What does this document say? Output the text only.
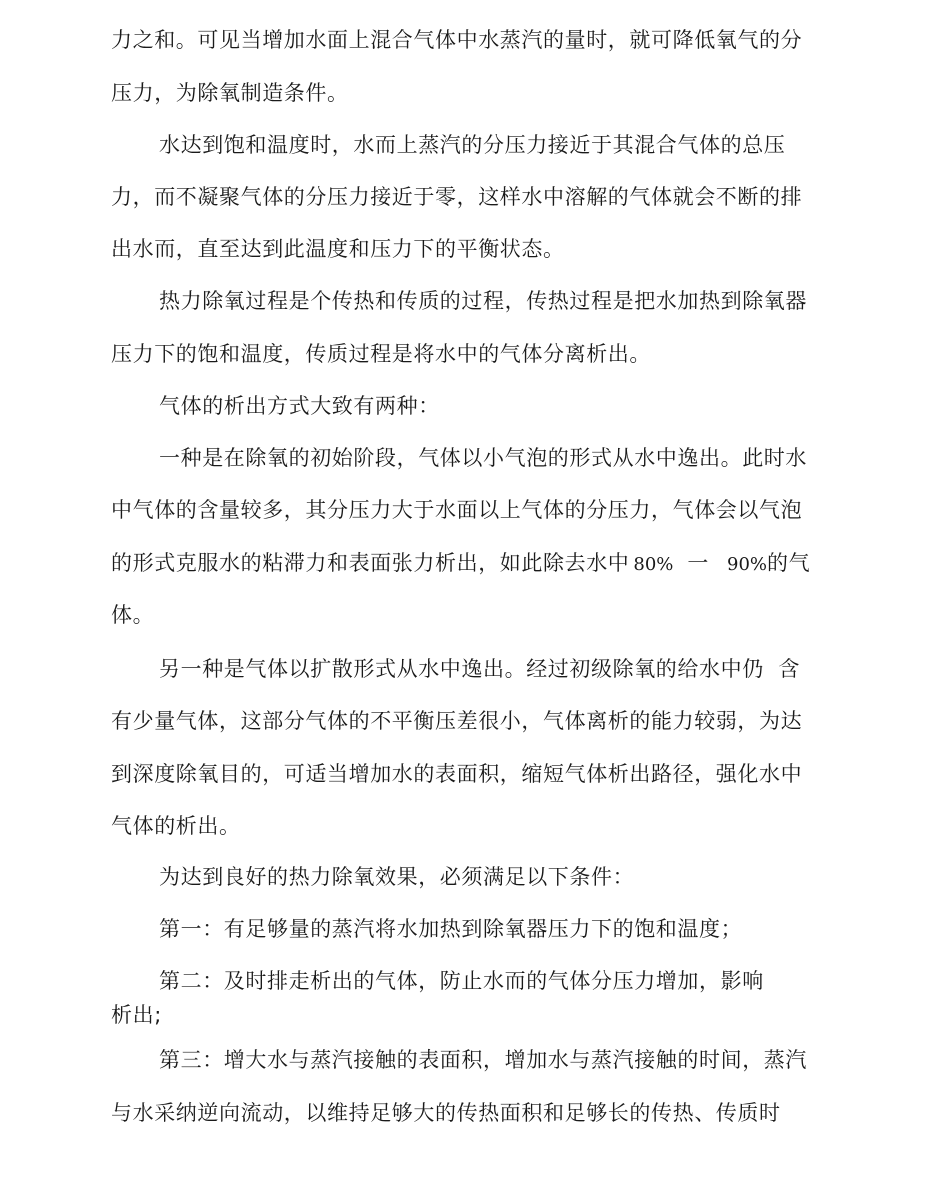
力之和。可见当增加水面上混合气体中水蒸汽的量时，就可降低氧气的分
压力，为除氧制造条件。
水达到饱和温度时，水而上蒸汽的分压力接近于其混合气体的总压
力，而不凝聚气体的分压力接近于零，这样水中溶解的气体就会不断的排
出水而，直至达到此温度和压力下的平衡状态。
热力除氧过程是个传热和传质的过程，传热过程是把水加热到除氧器
压力下的饱和温度，传质过程是将水中的气体分离析出。
气体的析出方式大致有两种：
一种是在除氧的初始阶段，气体以小气泡的形式从水中逸出。此时水
中气体的含量较多，其分压力大于水面以上气体的分压力，气体会以气泡
的形式克服水的粘滞力和表面张力析出，如此除去水中 80% 一 90%的气
体。
另一种是气体以扩散形式从水中逸出。经过初级除氧的给水中仍  含
有少量气体，这部分气体的不平衡压差很小，气体离析的能力较弱，为达
到深度除氧目的，可适当增加水的表面积，缩短气体析出路径，强化水中
气体的析出。
为达到良好的热力除氧效果，必须满足以下条件：
第一：有足够量的蒸汽将水加热到除氧器压力下的饱和温度；
第二：及时排走析出的气体，防止水而的气体分压力增加，影响
析出;
第三：增大水与蒸汽接触的表面积，增加水与蒸汽接触的时间，蒸汽
与水采纳逆向流动，以维持足够大的传热面积和足够长的传热、传质时
